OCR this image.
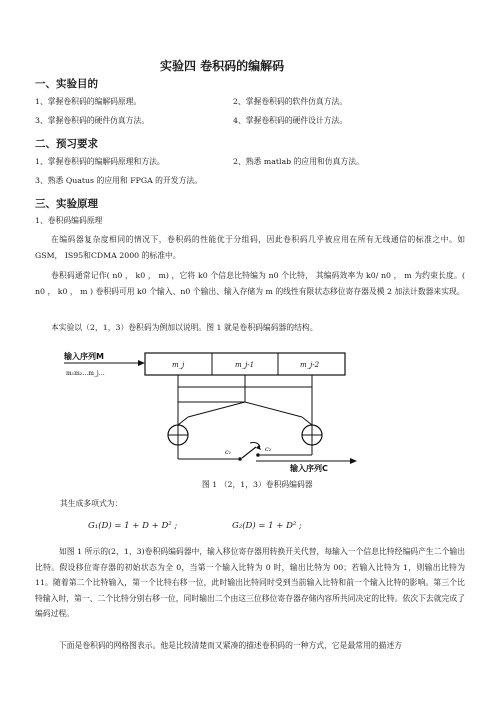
实验四 卷积码的编解码
一、实验目的
1、掌握卷积码的编解码原理。	2、掌握卷积码的软件仿真方法。
3、掌握卷积码的硬件仿真方法。	4、掌握卷积码的硬件设计方法。
二、预习要求
1、掌握卷积码的编解码原理和方法。	2、熟悉 matlab 的应用和仿真方法。
3、熟悉 Quatus 的应用和 FPGA 的开发方法。
三、实验原理
1、卷积码编码原理
在编码器复杂度相同的情况下，卷积码的性能优于分组码，因此卷积码几乎被应用在所有无线通信的标准之中。如GSM， IS95和CDMA 2000 的标准中。
卷积码通常记作( n0 ， k0 ， m) ，它将 k0 个信息比特编为 n0 个比特， 其编码效率为 k0/ n0 ， m 为约束长度。( n0 ， k0 ， m ) 卷积码可用 k0 个输入、n0 个输出、输入存储为 m 的线性有限状态移位寄存器及模 2 加法计数器来实现。
本实验以（2，1，3）卷积码为例加以说明。图 1 就是卷积码编码器的结构。
输入序列M
m₁m₂…m_j…
m_j	m_j-1	m_j-2
c₁	c₂
输入序列C
图 1 （2，1，3）卷积码编码器
其生成多项式为：
G₁(D) = 1 + D + D² ;	G₂(D) = 1 + D² ;
如图 1 所示的(2，1，3)卷积码编码器中，输入移位寄存器用转换开关代替，每输入一个信息比特经编码产生二个输出比特。假设移位寄存器的初始状态为全 0，当第一个输入比特为 0 时，输出比特为 00；若输入比特为 1，则输出比特为 11。随着第二个比特输入，第一个比特右移一位，此时输出比特同时受到当前输入比特和前一个输入比特的影响。第三个比特输入时，第一、二个比特分别右移一位，同时输出二个由这三位移位寄存器存储内容所共同决定的比特。依次下去就完成了编码过程。
下面是卷积码的网格图表示。他是比较清楚而又紧凑的描述卷积码的一种方式，它是最常用的描述方
